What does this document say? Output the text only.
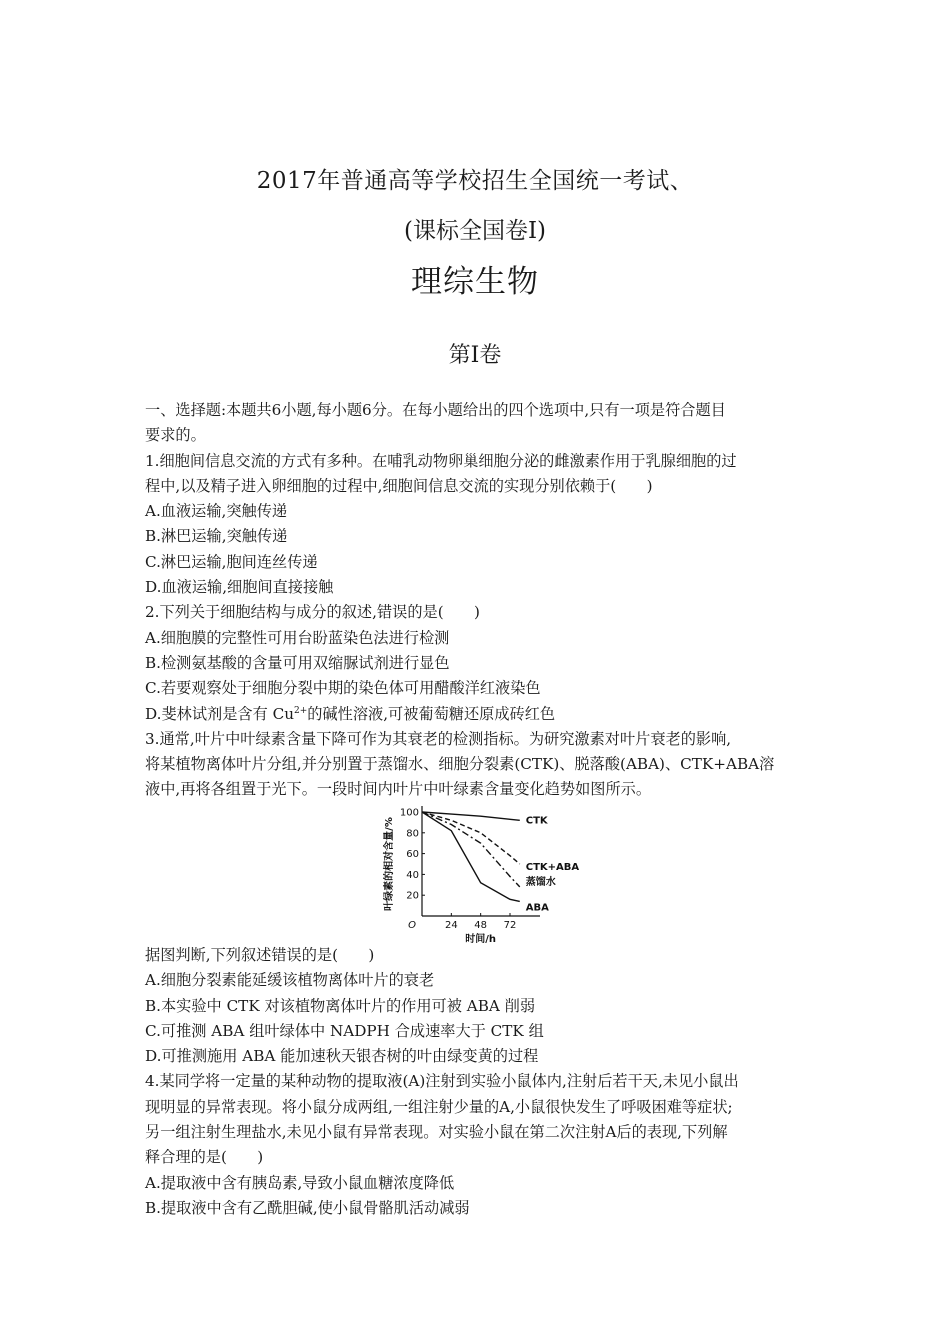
2017年普通高等学校招生全国统一考试、
(课标全国卷Ⅰ)
理综生物
第Ⅰ卷

一、选择题:本题共6小题,每小题6分。在每小题给出的四个选项中,只有一项是符合题目

要求的。

1.细胞间信息交流的方式有多种。在哺乳动物卵巢细胞分泌的雌激素作用于乳腺细胞的过

程中,以及精子进入卵细胞的过程中,细胞间信息交流的实现分别依赖于(　　)

A.血液运输,突触传递

B.淋巴运输,突触传递

C.淋巴运输,胞间连丝传递

D.血液运输,细胞间直接接触

2.下列关于细胞结构与成分的叙述,错误的是(　　)

A.细胞膜的完整性可用台盼蓝染色法进行检测

B.检测氨基酸的含量可用双缩脲试剂进行显色

C.若要观察处于细胞分裂中期的染色体可用醋酸洋红液染色

D.斐林试剂是含有 $Cu^{2+}$的碱性溶液,可被葡萄糖还原成砖红色

3.通常,叶片中叶绿素含量下降可作为其衰老的检测指标。为研究激素对叶片衰老的影响,

将某植物离体叶片分组,并分别置于蒸馏水、细胞分裂素(CTK)、脱落酸(ABA)、CTK+ABA溶

液中,再将各组置于光下。一段时间内叶片中叶绿素含量变化趋势如图所示。

20
40
60
80
100
24 48 72
O
时间/h
叶绿素的相对含量/%	CTK
CTK+ABA
蒸馏水
ABA

据图判断,下列叙述错误的是(　　)

A.细胞分裂素能延缓该植物离体叶片的衰老

B.本实验中 CTK 对该植物离体叶片的作用可被 ABA 削弱

C.可推测 ABA 组叶绿体中 NADPH 合成速率大于 CTK 组

D.可推测施用 ABA 能加速秋天银杏树的叶由绿变黄的过程

4.某同学将一定量的某种动物的提取液(A)注射到实验小鼠体内,注射后若干天,未见小鼠出

现明显的异常表现。将小鼠分成两组,一组注射少量的A,小鼠很快发生了呼吸困难等症状;

另一组注射生理盐水,未见小鼠有异常表现。对实验小鼠在第二次注射A后的表现,下列解

释合理的是(　　)

A.提取液中含有胰岛素,导致小鼠血糖浓度降低

B.提取液中含有乙酰胆碱,使小鼠骨骼肌活动减弱
